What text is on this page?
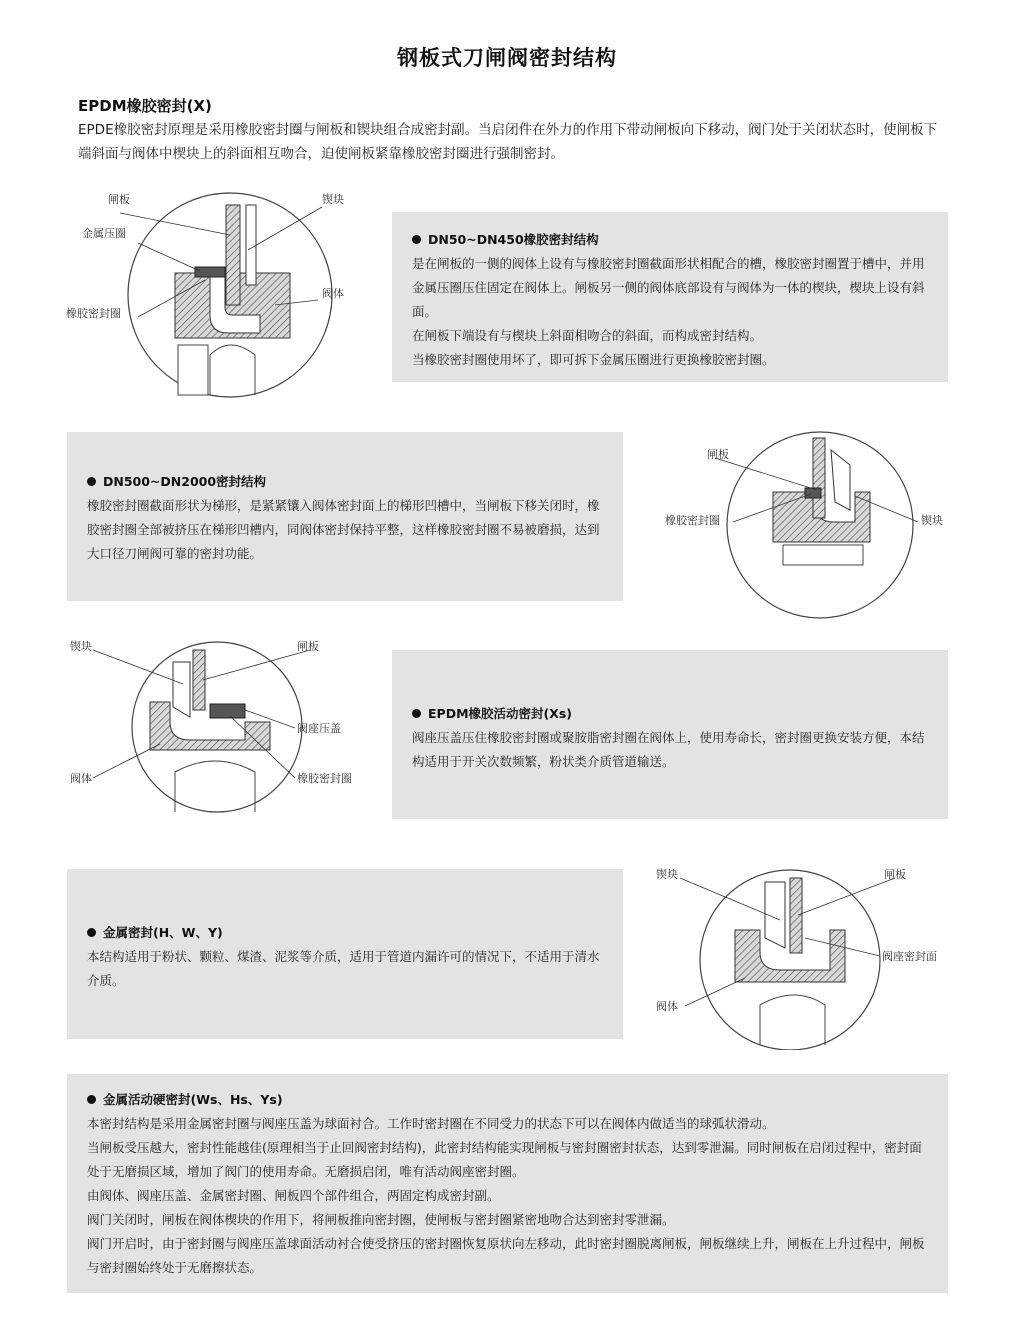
钢板式刀闸阀密封结构
EPDM橡胶密封(X)

EPDE橡胶密封原理是采用橡胶密封圈与闸板和锲块组合成密封副。当启闭件在外力的作用下带动闸板向下移动，阀门处于关闭状态时，使闸板下端斜面与阀体中楔块上的斜面相互吻合，迫使闸板紧靠橡胶密封圈进行强制密封。

闸板	锲块
金属压圈
阀体
橡胶密封圈
DN50~DN450橡胶密封结构

是在闸板的一侧的阀体上设有与橡胶密封圈截面形状相配合的槽，橡胶密封圈置于槽中，并用金属压圈压住固定在阀体上。闸板另一侧的阀体底部设有与阀体为一体的楔块，楔块上设有斜面。

在闸板下端设有与楔块上斜面相吻合的斜面，而构成密封结构。

当橡胶密封圈使用坏了，即可拆下金属压圈进行更换橡胶密封圈。

DN500~DN2000密封结构

橡胶密封圈截面形状为梯形，是紧紧镶入阀体密封面上的梯形凹槽中，当闸板下移关闭时，橡胶密封圈全部被挤压在梯形凹槽内，同阀体密封保持平整，这样橡胶密封圈不易被磨损，达到大口径刀闸阀可靠的密封功能。

闸板
橡胶密封圈	锲块
锲块	闸板
阀座压盖
阀体	橡胶密封圈
EPDM橡胶活动密封(Xs)

阀座压盖压住橡胶密封圈或聚胺脂密封圈在阀体上，使用寿命长，密封圈更换安装方便，本结构适用于开关次数频繁，粉状类介质管道输送。

金属密封(H、W、Y)

本结构适用于粉状、颗粒、煤渣、泥浆等介质，适用于管道内漏许可的情况下，不适用于清水介质。

锲块	闸板
阀座密封面
阀体
金属活动硬密封(Ws、Hs、Ys)

本密封结构是采用金属密封圈与阀座压盖为球面衬合。工作时密封圈在不同受力的状态下可以在阀体内做适当的球弧状滑动。

当闸板受压越大，密封性能越佳(原理相当于止回阀密封结构)，此密封结构能实现闸板与密封圈密封状态，达到零泄漏。同时闸板在启闭过程中，密封面处于无磨损区域，增加了阀门的使用寿命。无磨损启闭，唯有活动阀座密封圈。

由阀体、阀座压盖、金属密封圈、闸板四个部件组合，两固定构成密封副。

阀门关闭时，闸板在阀体楔块的作用下，将闸板推向密封圈，使闸板与密封圈紧密地吻合达到密封零泄漏。

阀门开启时，由于密封圈与阀座压盖球面活动衬合使受挤压的密封圈恢复原状向左移动，此时密封圈脱离闸板，闸板继续上升，闸板在上升过程中，闸板与密封圈始终处于无磨擦状态。
